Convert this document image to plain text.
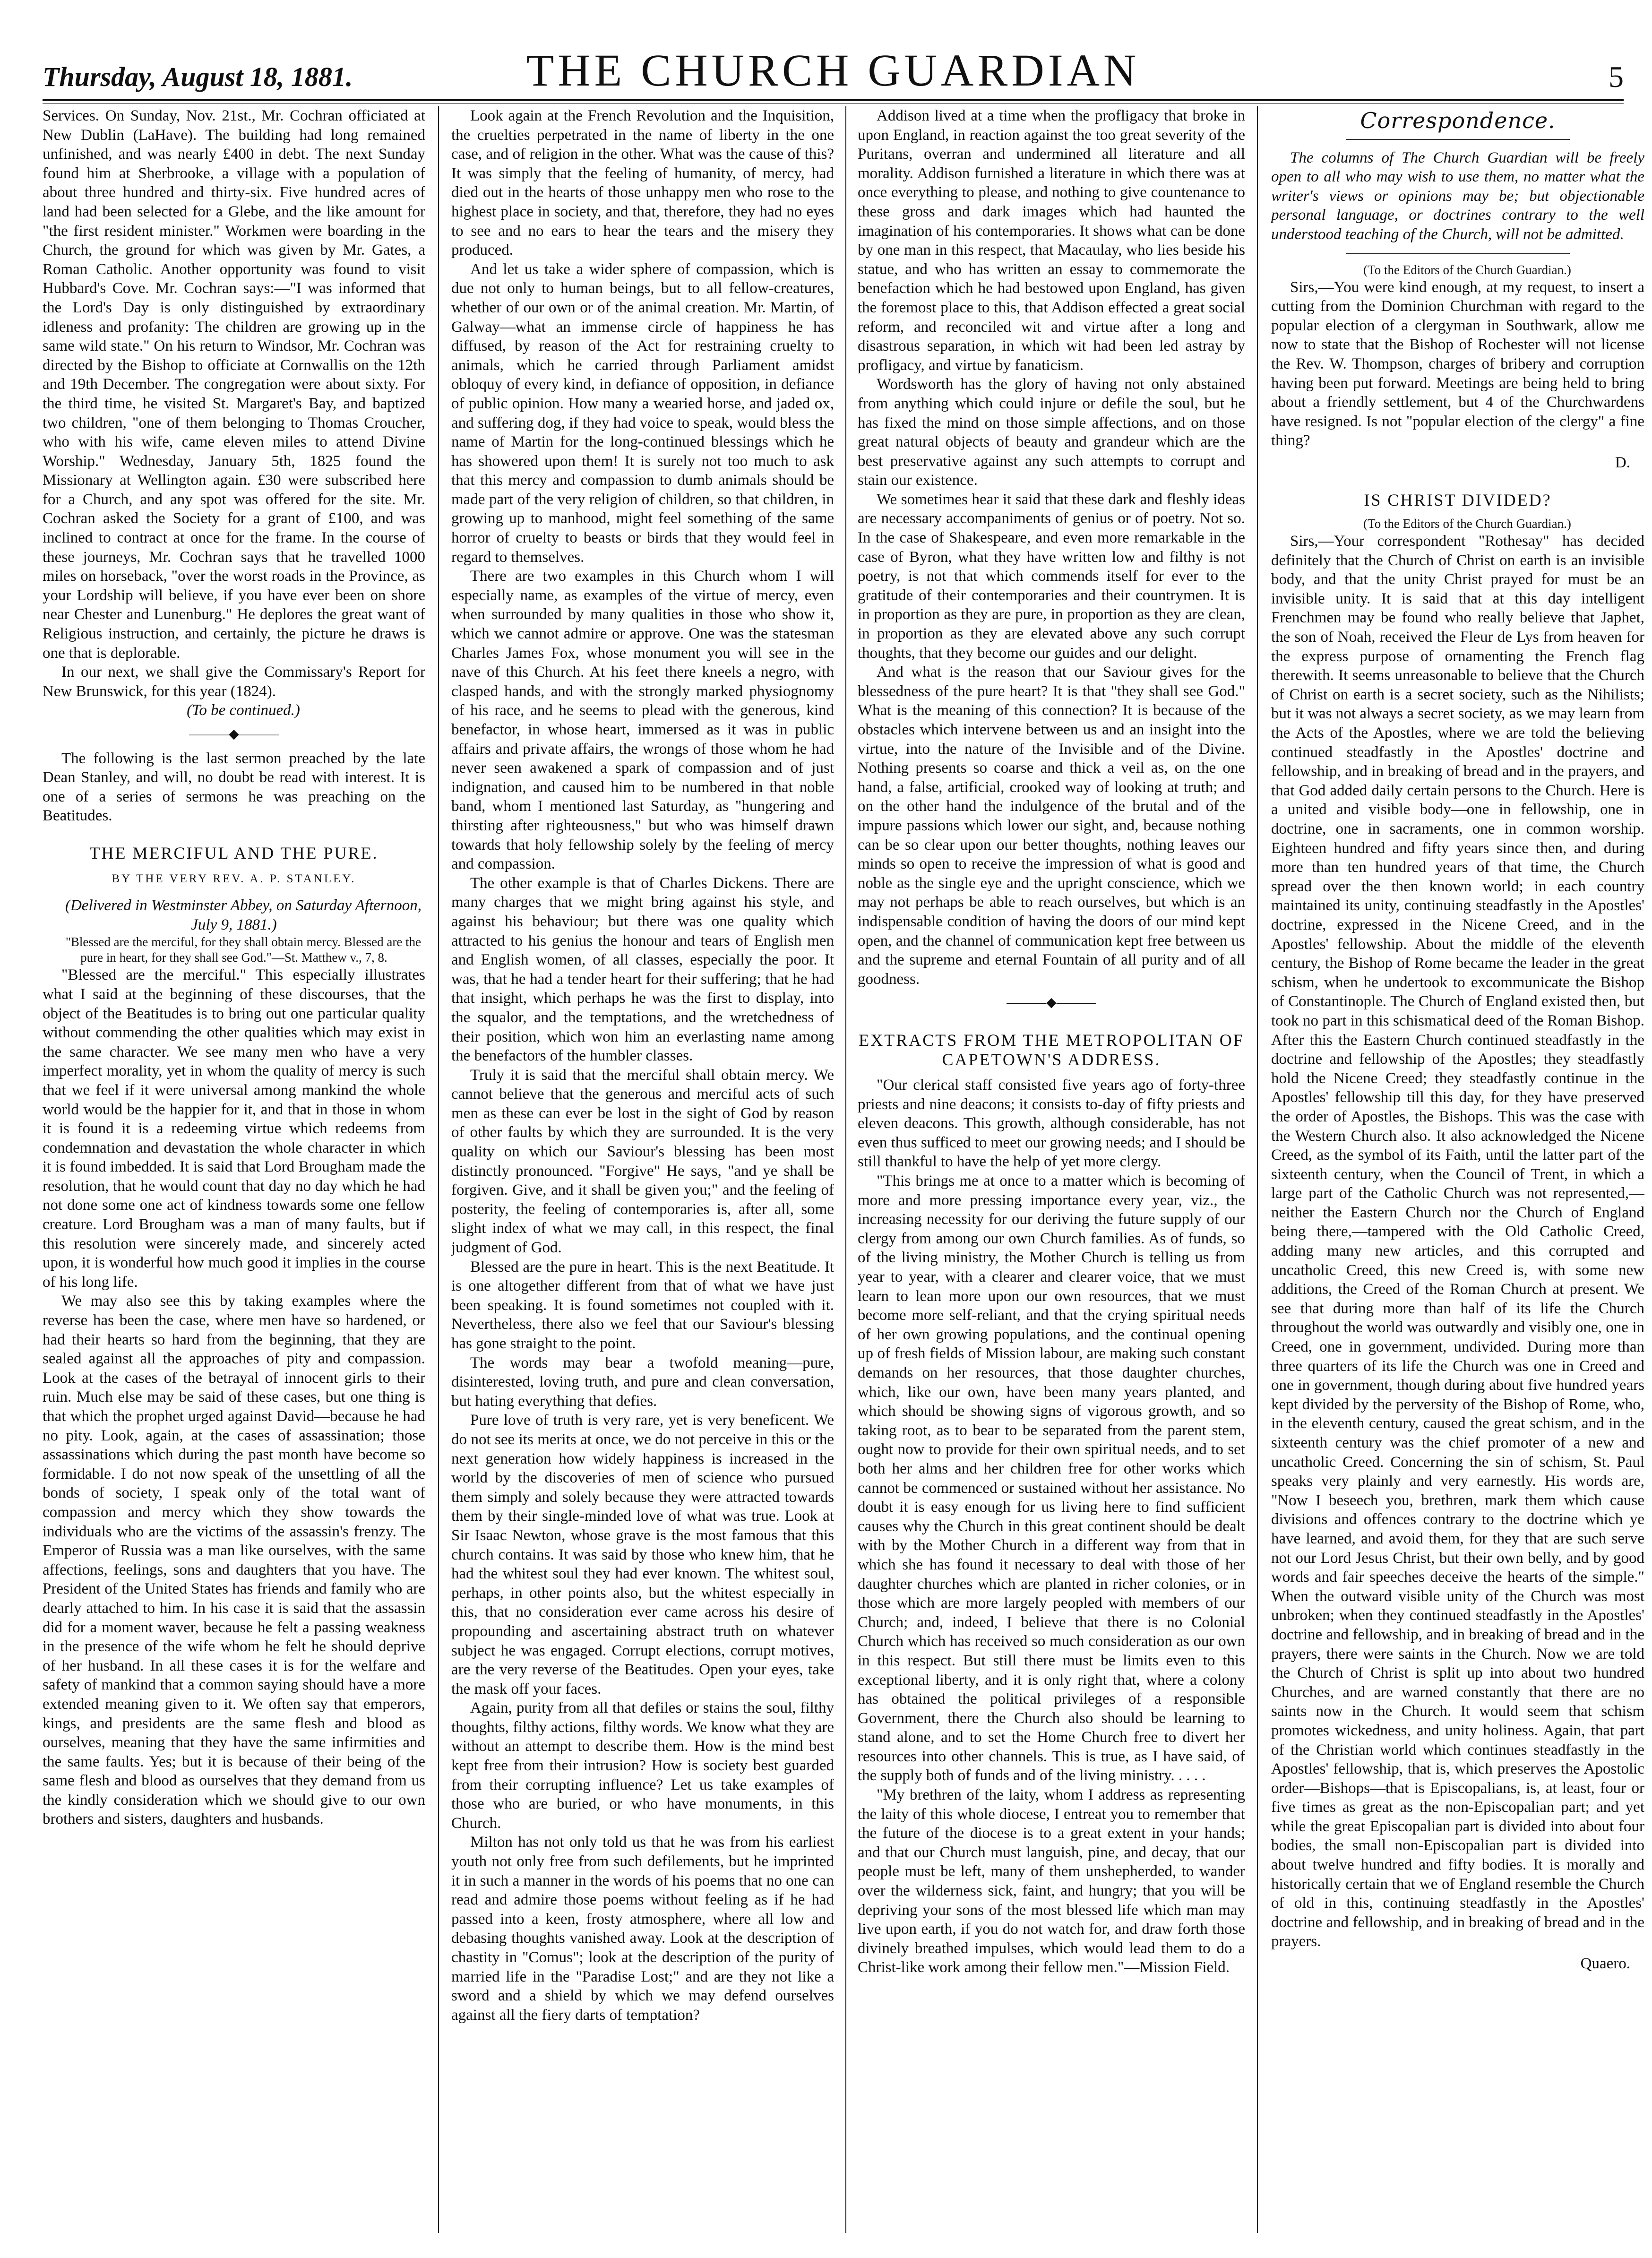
Thursday, August 18, 1881.	THE CHURCH GUARDIAN	5

Services. On Sunday, Nov. 21st., Mr. Cochran officiated at New Dublin (LaHave). The building had long remained unfinished, and was nearly £400 in debt. The next Sunday found him at Sherbrooke, a village with a population of about three hundred and thirty-six. Five hundred acres of land had been selected for a Glebe, and the like amount for "the first resident minister." Workmen were boarding in the Church, the ground for which was given by Mr. Gates, a Roman Catholic. Another opportunity was found to visit Hubbard's Cove. Mr. Cochran says:—"I was informed that the Lord's Day is only distinguished by extraordinary idleness and profanity: The children are growing up in the same wild state." On his return to Windsor, Mr. Cochran was directed by the Bishop to officiate at Cornwallis on the 12th and 19th December. The congregation were about sixty. For the third time, he visited St. Margaret's Bay, and baptized two children, "one of them belonging to Thomas Croucher, who with his wife, came eleven miles to attend Divine Worship." Wednesday, January 5th, 1825 found the Missionary at Wellington again. £30 were subscribed here for a Church, and any spot was offered for the site. Mr. Cochran asked the Society for a grant of £100, and was inclined to contract at once for the frame. In the course of these journeys, Mr. Cochran says that he travelled 1000 miles on horseback, "over the worst roads in the Province, as your Lordship will believe, if you have ever been on shore near Chester and Lunenburg." He deplores the great want of Religious instruction, and certainly, the picture he draws is one that is deplorable.

In our next, we shall give the Commissary's Report for New Brunswick, for this year (1824).

(To be continued.)

———◆———

The following is the last sermon preached by the late Dean Stanley, and will, no doubt be read with interest. It is one of a series of sermons he was preaching on the Beatitudes.

THE MERCIFUL AND THE PURE.
BY THE VERY REV. A. P. STANLEY.

(Delivered in Westminster Abbey, on Saturday Afternoon, July 9, 1881.)

"Blessed are the merciful, for they shall obtain mercy. Blessed are the pure in heart, for they shall see God."—St. Matthew v., 7, 8.

"Blessed are the merciful." This especially illustrates what I said at the beginning of these discourses, that the object of the Beatitudes is to bring out one particular quality without commending the other qualities which may exist in the same character. We see many men who have a very imperfect morality, yet in whom the quality of mercy is such that we feel if it were universal among mankind the whole world would be the happier for it, and that in those in whom it is found it is a redeeming virtue which redeems from condemnation and devastation the whole character in which it is found imbedded. It is said that Lord Brougham made the resolution, that he would count that day no day which he had not done some one act of kindness towards some one fellow creature. Lord Brougham was a man of many faults, but if this resolution were sincerely made, and sincerely acted upon, it is wonderful how much good it implies in the course of his long life.

We may also see this by taking examples where the reverse has been the case, where men have so hardened, or had their hearts so hard from the beginning, that they are sealed against all the approaches of pity and compassion. Look at the cases of the betrayal of innocent girls to their ruin. Much else may be said of these cases, but one thing is that which the prophet urged against David—because he had no pity. Look, again, at the cases of assassination; those assassinations which during the past month have become so formidable. I do not now speak of the unsettling of all the bonds of society, I speak only of the total want of compassion and mercy which they show towards the individuals who are the victims of the assassin's frenzy. The Emperor of Russia was a man like ourselves, with the same affections, feelings, sons and daughters that you have. The President of the United States has friends and family who are dearly attached to him. In his case it is said that the assassin did for a moment waver, because he felt a passing weakness in the presence of the wife whom he felt he should deprive of her husband. In all these cases it is for the welfare and safety of mankind that a common saying should have a more extended meaning given to it. We often say that emperors, kings, and presidents are the same flesh and blood as ourselves, meaning that they have the same infirmities and the same faults. Yes; but it is because of their being of the same flesh and blood as ourselves that they demand from us the kindly consideration which we should give to our own brothers and sisters, daughters and husbands.

Look again at the French Revolution and the Inquisition, the cruelties perpetrated in the name of liberty in the one case, and of religion in the other. What was the cause of this? It was simply that the feeling of humanity, of mercy, had died out in the hearts of those unhappy men who rose to the highest place in society, and that, therefore, they had no eyes to see and no ears to hear the tears and the misery they produced.

And let us take a wider sphere of compassion, which is due not only to human beings, but to all fellow-creatures, whether of our own or of the animal creation. Mr. Martin, of Galway—what an immense circle of happiness he has diffused, by reason of the Act for restraining cruelty to animals, which he carried through Parliament amidst obloquy of every kind, in defiance of opposition, in defiance of public opinion. How many a wearied horse, and jaded ox, and suffering dog, if they had voice to speak, would bless the name of Martin for the long-continued blessings which he has showered upon them! It is surely not too much to ask that this mercy and compassion to dumb animals should be made part of the very religion of children, so that children, in growing up to manhood, might feel something of the same horror of cruelty to beasts or birds that they would feel in regard to themselves.

There are two examples in this Church whom I will especially name, as examples of the virtue of mercy, even when surrounded by many qualities in those who show it, which we cannot admire or approve. One was the statesman Charles James Fox, whose monument you will see in the nave of this Church. At his feet there kneels a negro, with clasped hands, and with the strongly marked physiognomy of his race, and he seems to plead with the generous, kind benefactor, in whose heart, immersed as it was in public affairs and private affairs, the wrongs of those whom he had never seen awakened a spark of compassion and of just indignation, and caused him to be numbered in that noble band, whom I mentioned last Saturday, as "hungering and thirsting after righteousness," but who was himself drawn towards that holy fellowship solely by the feeling of mercy and compassion.

The other example is that of Charles Dickens. There are many charges that we might bring against his style, and against his behaviour; but there was one quality which attracted to his genius the honour and tears of English men and English women, of all classes, especially the poor. It was, that he had a tender heart for their suffering; that he had that insight, which perhaps he was the first to display, into the squalor, and the temptations, and the wretchedness of their position, which won him an everlasting name among the benefactors of the humbler classes.

Truly it is said that the merciful shall obtain mercy. We cannot believe that the generous and merciful acts of such men as these can ever be lost in the sight of God by reason of other faults by which they are surrounded. It is the very quality on which our Saviour's blessing has been most distinctly pronounced. "Forgive" He says, "and ye shall be forgiven. Give, and it shall be given you;" and the feeling of posterity, the feeling of contemporaries is, after all, some slight index of what we may call, in this respect, the final judgment of God.

Blessed are the pure in heart. This is the next Beatitude. It is one altogether different from that of what we have just been speaking. It is found sometimes not coupled with it. Nevertheless, there also we feel that our Saviour's blessing has gone straight to the point.

The words may bear a twofold meaning—pure, disinterested, loving truth, and pure and clean conversation, but hating everything that defies.

Pure love of truth is very rare, yet is very beneficent. We do not see its merits at once, we do not perceive in this or the next generation how widely happiness is increased in the world by the discoveries of men of science who pursued them simply and solely because they were attracted towards them by their single-minded love of what was true. Look at Sir Isaac Newton, whose grave is the most famous that this church contains. It was said by those who knew him, that he had the whitest soul they had ever known. The whitest soul, perhaps, in other points also, but the whitest especially in this, that no consideration ever came across his desire of propounding and ascertaining abstract truth on whatever subject he was engaged. Corrupt elections, corrupt motives, are the very reverse of the Beatitudes. Open your eyes, take the mask off your faces.

Again, purity from all that defiles or stains the soul, filthy thoughts, filthy actions, filthy words. We know what they are without an attempt to describe them. How is the mind best kept free from their intrusion? How is society best guarded from their corrupting influence? Let us take examples of those who are buried, or who have monuments, in this Church.

Milton has not only told us that he was from his earliest youth not only free from such defilements, but he imprinted it in such a manner in the words of his poems that no one can read and admire those poems without feeling as if he had passed into a keen, frosty atmosphere, where all low and debasing thoughts vanished away. Look at the description of chastity in "Comus"; look at the description of the purity of married life in the "Paradise Lost;" and are they not like a sword and a shield by which we may defend ourselves against all the fiery darts of temptation?

Addison lived at a time when the profligacy that broke in upon England, in reaction against the too great severity of the Puritans, overran and undermined all literature and all morality. Addison furnished a literature in which there was at once everything to please, and nothing to give countenance to these gross and dark images which had haunted the imagination of his contemporaries. It shows what can be done by one man in this respect, that Macaulay, who lies beside his statue, and who has written an essay to commemorate the benefaction which he had bestowed upon England, has given the foremost place to this, that Addison effected a great social reform, and reconciled wit and virtue after a long and disastrous separation, in which wit had been led astray by profligacy, and virtue by fanaticism.

Wordsworth has the glory of having not only abstained from anything which could injure or defile the soul, but he has fixed the mind on those simple affections, and on those great natural objects of beauty and grandeur which are the best preservative against any such attempts to corrupt and stain our existence.

We sometimes hear it said that these dark and fleshly ideas are necessary accompaniments of genius or of poetry. Not so. In the case of Shakespeare, and even more remarkable in the case of Byron, what they have written low and filthy is not poetry, is not that which commends itself for ever to the gratitude of their contemporaries and their countrymen. It is in proportion as they are pure, in proportion as they are clean, in proportion as they are elevated above any such corrupt thoughts, that they become our guides and our delight.

And what is the reason that our Saviour gives for the blessedness of the pure heart? It is that "they shall see God." What is the meaning of this connection? It is because of the obstacles which intervene between us and an insight into the virtue, into the nature of the Invisible and of the Divine. Nothing presents so coarse and thick a veil as, on the one hand, a false, artificial, crooked way of looking at truth; and on the other hand the indulgence of the brutal and of the impure passions which lower our sight, and, because nothing can be so clear upon our better thoughts, nothing leaves our minds so open to receive the impression of what is good and noble as the single eye and the upright conscience, which we may not perhaps be able to reach ourselves, but which is an indispensable condition of having the doors of our mind kept open, and the channel of communication kept free between us and the supreme and eternal Fountain of all purity and of all goodness.

———◆———
EXTRACTS FROM THE METROPOLITAN OF CAPETOWN'S ADDRESS.

"Our clerical staff consisted five years ago of forty-three priests and nine deacons; it consists to-day of fifty priests and eleven deacons. This growth, although considerable, has not even thus sufficed to meet our growing needs; and I should be still thankful to have the help of yet more clergy.

"This brings me at once to a matter which is becoming of more and more pressing importance every year, viz., the increasing necessity for our deriving the future supply of our clergy from among our own Church families. As of funds, so of the living ministry, the Mother Church is telling us from year to year, with a clearer and clearer voice, that we must learn to lean more upon our own resources, that we must become more self-reliant, and that the crying spiritual needs of her own growing populations, and the continual opening up of fresh fields of Mission labour, are making such constant demands on her resources, that those daughter churches, which, like our own, have been many years planted, and which should be showing signs of vigorous growth, and so taking root, as to bear to be separated from the parent stem, ought now to provide for their own spiritual needs, and to set both her alms and her children free for other works which cannot be commenced or sustained without her assistance. No doubt it is easy enough for us living here to find sufficient causes why the Church in this great continent should be dealt with by the Mother Church in a different way from that in which she has found it necessary to deal with those of her daughter churches which are planted in richer colonies, or in those which are more largely peopled with members of our Church; and, indeed, I believe that there is no Colonial Church which has received so much consideration as our own in this respect. But still there must be limits even to this exceptional liberty, and it is only right that, where a colony has obtained the political privileges of a responsible Government, there the Church also should be learning to stand alone, and to set the Home Church free to divert her resources into other channels. This is true, as I have said, of the supply both of funds and of the living ministry. . . . .

"My brethren of the laity, whom I address as representing the laity of this whole diocese, I entreat you to remember that the future of the diocese is to a great extent in your hands; and that our Church must languish, pine, and decay, that our people must be left, many of them unshepherded, to wander over the wilderness sick, faint, and hungry; that you will be depriving your sons of the most blessed life which man may live upon earth, if you do not watch for, and draw forth those divinely breathed impulses, which would lead them to do a Christ-like work among their fellow men."—Mission Field.

Correspondence.

The columns of The Church Guardian will be freely open to all who may wish to use them, no matter what the writer's views or opinions may be; but objectionable personal language, or doctrines contrary to the well understood teaching of the Church, will not be admitted.

(To the Editors of the Church Guardian.)

Sirs,—You were kind enough, at my request, to insert a cutting from the Dominion Churchman with regard to the popular election of a clergyman in Southwark, allow me now to state that the Bishop of Rochester will not license the Rev. W. Thompson, charges of bribery and corruption having been put forward. Meetings are being held to bring about a friendly settlement, but 4 of the Churchwardens have resigned. Is not "popular election of the clergy" a fine thing?

D.
IS CHRIST DIVIDED?

(To the Editors of the Church Guardian.)

Sirs,—Your correspondent "Rothesay" has decided definitely that the Church of Christ on earth is an invisible body, and that the unity Christ prayed for must be an invisible unity. It is said that at this day intelligent Frenchmen may be found who really believe that Japhet, the son of Noah, received the Fleur de Lys from heaven for the express purpose of ornamenting the French flag therewith. It seems unreasonable to believe that the Church of Christ on earth is a secret society, such as the Nihilists; but it was not always a secret society, as we may learn from the Acts of the Apostles, where we are told the believing continued steadfastly in the Apostles' doctrine and fellowship, and in breaking of bread and in the prayers, and that God added daily certain persons to the Church. Here is a united and visible body—one in fellowship, one in doctrine, one in sacraments, one in common worship. Eighteen hundred and fifty years since then, and during more than ten hundred years of that time, the Church spread over the then known world; in each country maintained its unity, continuing steadfastly in the Apostles' doctrine, expressed in the Nicene Creed, and in the Apostles' fellowship. About the middle of the eleventh century, the Bishop of Rome became the leader in the great schism, when he undertook to excommunicate the Bishop of Constantinople. The Church of England existed then, but took no part in this schismatical deed of the Roman Bishop. After this the Eastern Church continued steadfastly in the doctrine and fellowship of the Apostles; they steadfastly hold the Nicene Creed; they steadfastly continue in the Apostles' fellowship till this day, for they have preserved the order of Apostles, the Bishops. This was the case with the Western Church also. It also acknowledged the Nicene Creed, as the symbol of its Faith, until the latter part of the sixteenth century, when the Council of Trent, in which a large part of the Catholic Church was not represented,—neither the Eastern Church nor the Church of England being there,—tampered with the Old Catholic Creed, adding many new articles, and this corrupted and uncatholic Creed, this new Creed is, with some new additions, the Creed of the Roman Church at present. We see that during more than half of its life the Church throughout the world was outwardly and visibly one, one in Creed, one in government, undivided. During more than three quarters of its life the Church was one in Creed and one in government, though during about five hundred years kept divided by the perversity of the Bishop of Rome, who, in the eleventh century, caused the great schism, and in the sixteenth century was the chief promoter of a new and uncatholic Creed. Concerning the sin of schism, St. Paul speaks very plainly and very earnestly. His words are, "Now I beseech you, brethren, mark them which cause divisions and offences contrary to the doctrine which ye have learned, and avoid them, for they that are such serve not our Lord Jesus Christ, but their own belly, and by good words and fair speeches deceive the hearts of the simple." When the outward visible unity of the Church was most unbroken; when they continued steadfastly in the Apostles' doctrine and fellowship, and in breaking of bread and in the prayers, there were saints in the Church. Now we are told the Church of Christ is split up into about two hundred Churches, and are warned constantly that there are no saints now in the Church. It would seem that schism promotes wickedness, and unity holiness. Again, that part of the Christian world which continues steadfastly in the Apostles' fellowship, that is, which preserves the Apostolic order—Bishops—that is Episcopalians, is, at least, four or five times as great as the non-Episcopalian part; and yet while the great Episcopalian part is divided into about four bodies, the small non-Episcopalian part is divided into about twelve hundred and fifty bodies. It is morally and historically certain that we of England resemble the Church of old in this, continuing steadfastly in the Apostles' doctrine and fellowship, and in breaking of bread and in the prayers.

Quaero.
